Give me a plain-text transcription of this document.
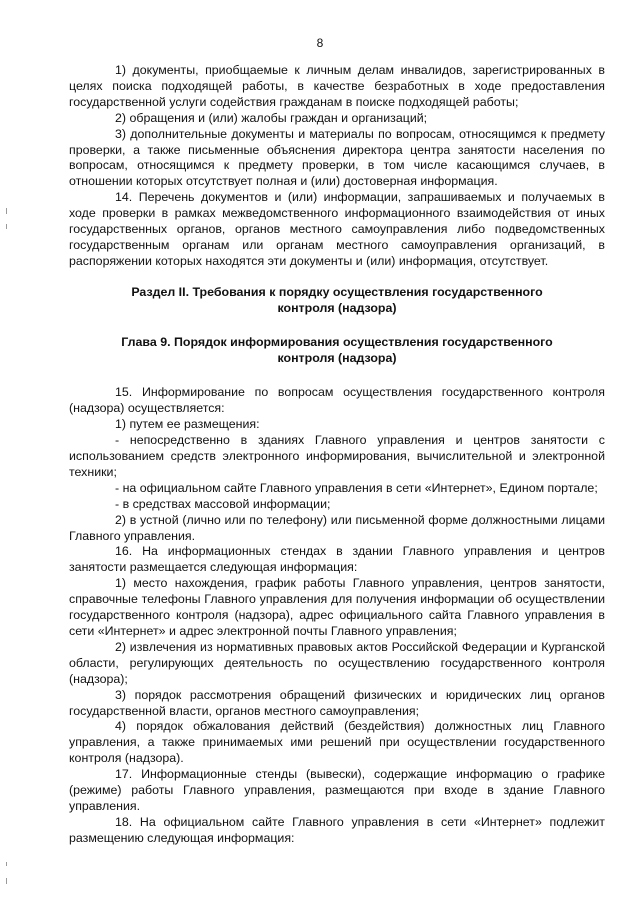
8

1) документы, приобщаемые к личным делам инвалидов, зарегистрированных в целях поиска подходящей работы, в качестве безработных в ходе предоставления государственной услуги содействия гражданам в поиске подходящей работы;

2) обращения и (или) жалобы граждан и организаций;

3) дополнительные документы и материалы по вопросам, относящимся к предмету проверки, а также письменные объяснения директора центра занятости населения по вопросам, относящимся к предмету проверки, в том числе касающимся случаев, в отношении которых отсутствует полная и (или) достоверная информация.

14. Перечень документов и (или) информации, запрашиваемых и получаемых в ходе проверки в рамках межведомственного информационного взаимодействия от иных государственных органов, органов местного самоуправления либо подведомственных государственным органам или органам местного самоуправления организаций, в распоряжении которых находятся эти документы и (или) информация, отсутствует.

Раздел II. Требования к порядку осуществления государственного
контроля (надзора)
Глава 9. Порядок информирования осуществления государственного
контроля (надзора)

15. Информирование по вопросам осуществления государственного контроля (надзора) осуществляется:

1) путем ее размещения:

- непосредственно в зданиях Главного управления и центров занятости с использованием средств электронного информирования, вычислительной и электронной техники;

- на официальном сайте Главного управления в сети «Интернет», Едином портале;

- в средствах массовой информации;

2) в устной (лично или по телефону) или письменной форме должностными лицами Главного управления.

16. На информационных стендах в здании Главного управления и центров занятости размещается следующая информация:

1) место нахождения, график работы Главного управления, центров занятости, справочные телефоны Главного управления для получения информации об осуществлении государственного контроля (надзора), адрес официального сайта Главного управления в сети «Интернет» и адрес электронной почты Главного управления;

2) извлечения из нормативных правовых актов Российской Федерации и Курганской области, регулирующих деятельность по осуществлению государственного контроля (надзора);

3) порядок рассмотрения обращений физических и юридических лиц органов государственной власти, органов местного самоуправления;

4) порядок обжалования действий (бездействия) должностных лиц Главного управления, а также принимаемых ими решений при осуществлении государственного контроля (надзора).

17. Информационные стенды (вывески), содержащие информацию о графике (режиме) работы Главного управления, размещаются при входе в здание Главного управления.

18. На официальном сайте Главного управления в сети «Интернет» подлежит размещению следующая информация:
